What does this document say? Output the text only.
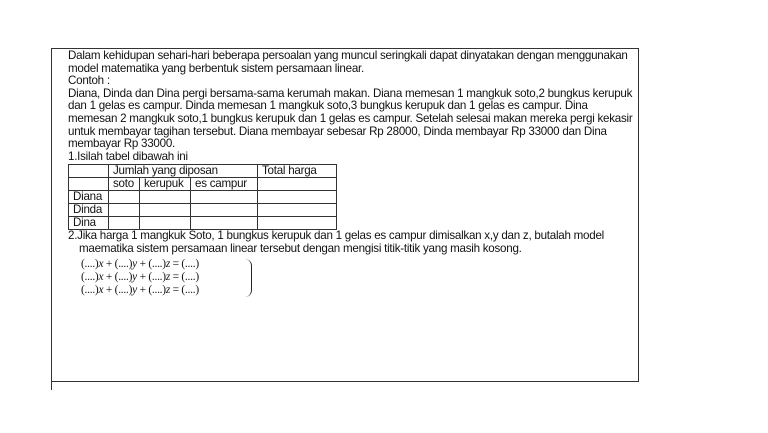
Dalam kehidupan sehari-hari beberapa persoalan yang muncul seringkali dapat dinyatakan dengan menggunakan model matematika yang berbentuk sistem persamaan linear.

Contoh :

Diana, Dinda dan Dina pergi bersama-sama kerumah makan. Diana memesan 1 mangkuk soto,2 bungkus kerupuk dan 1 gelas es campur. Dinda memesan 1 mangkuk soto,3 bungkus kerupuk dan 1 gelas es campur. Dina memesan 2 mangkuk soto,1 bungkus kerupuk dan 1 gelas es campur. Setelah selesai makan mereka pergi kekasir untuk membayar tagihan tersebut. Diana membayar sebesar Rp 28000, Dinda membayar Rp 33000 dan Dina membayar Rp 33000.

1.Isilah tabel dibawah ini

	Jumlah yang diposan			Total harga
	soto	kerupuk	es campur	
Diana				
Dinda				
Dina				

2.Jika harga 1 mangkuk Soto, 1 bungkus kerupuk dan 1 gelas es campur dimisalkan x,y dan z, butalah model

maematika sistem persamaan linear tersebut dengan mengisi titik-titik yang masih kosong.

(....)x + (....)y + (....)z = (....)
(....)x + (....)y + (....)z = (....)
(....)x + (....)y + (....)z = (....)
